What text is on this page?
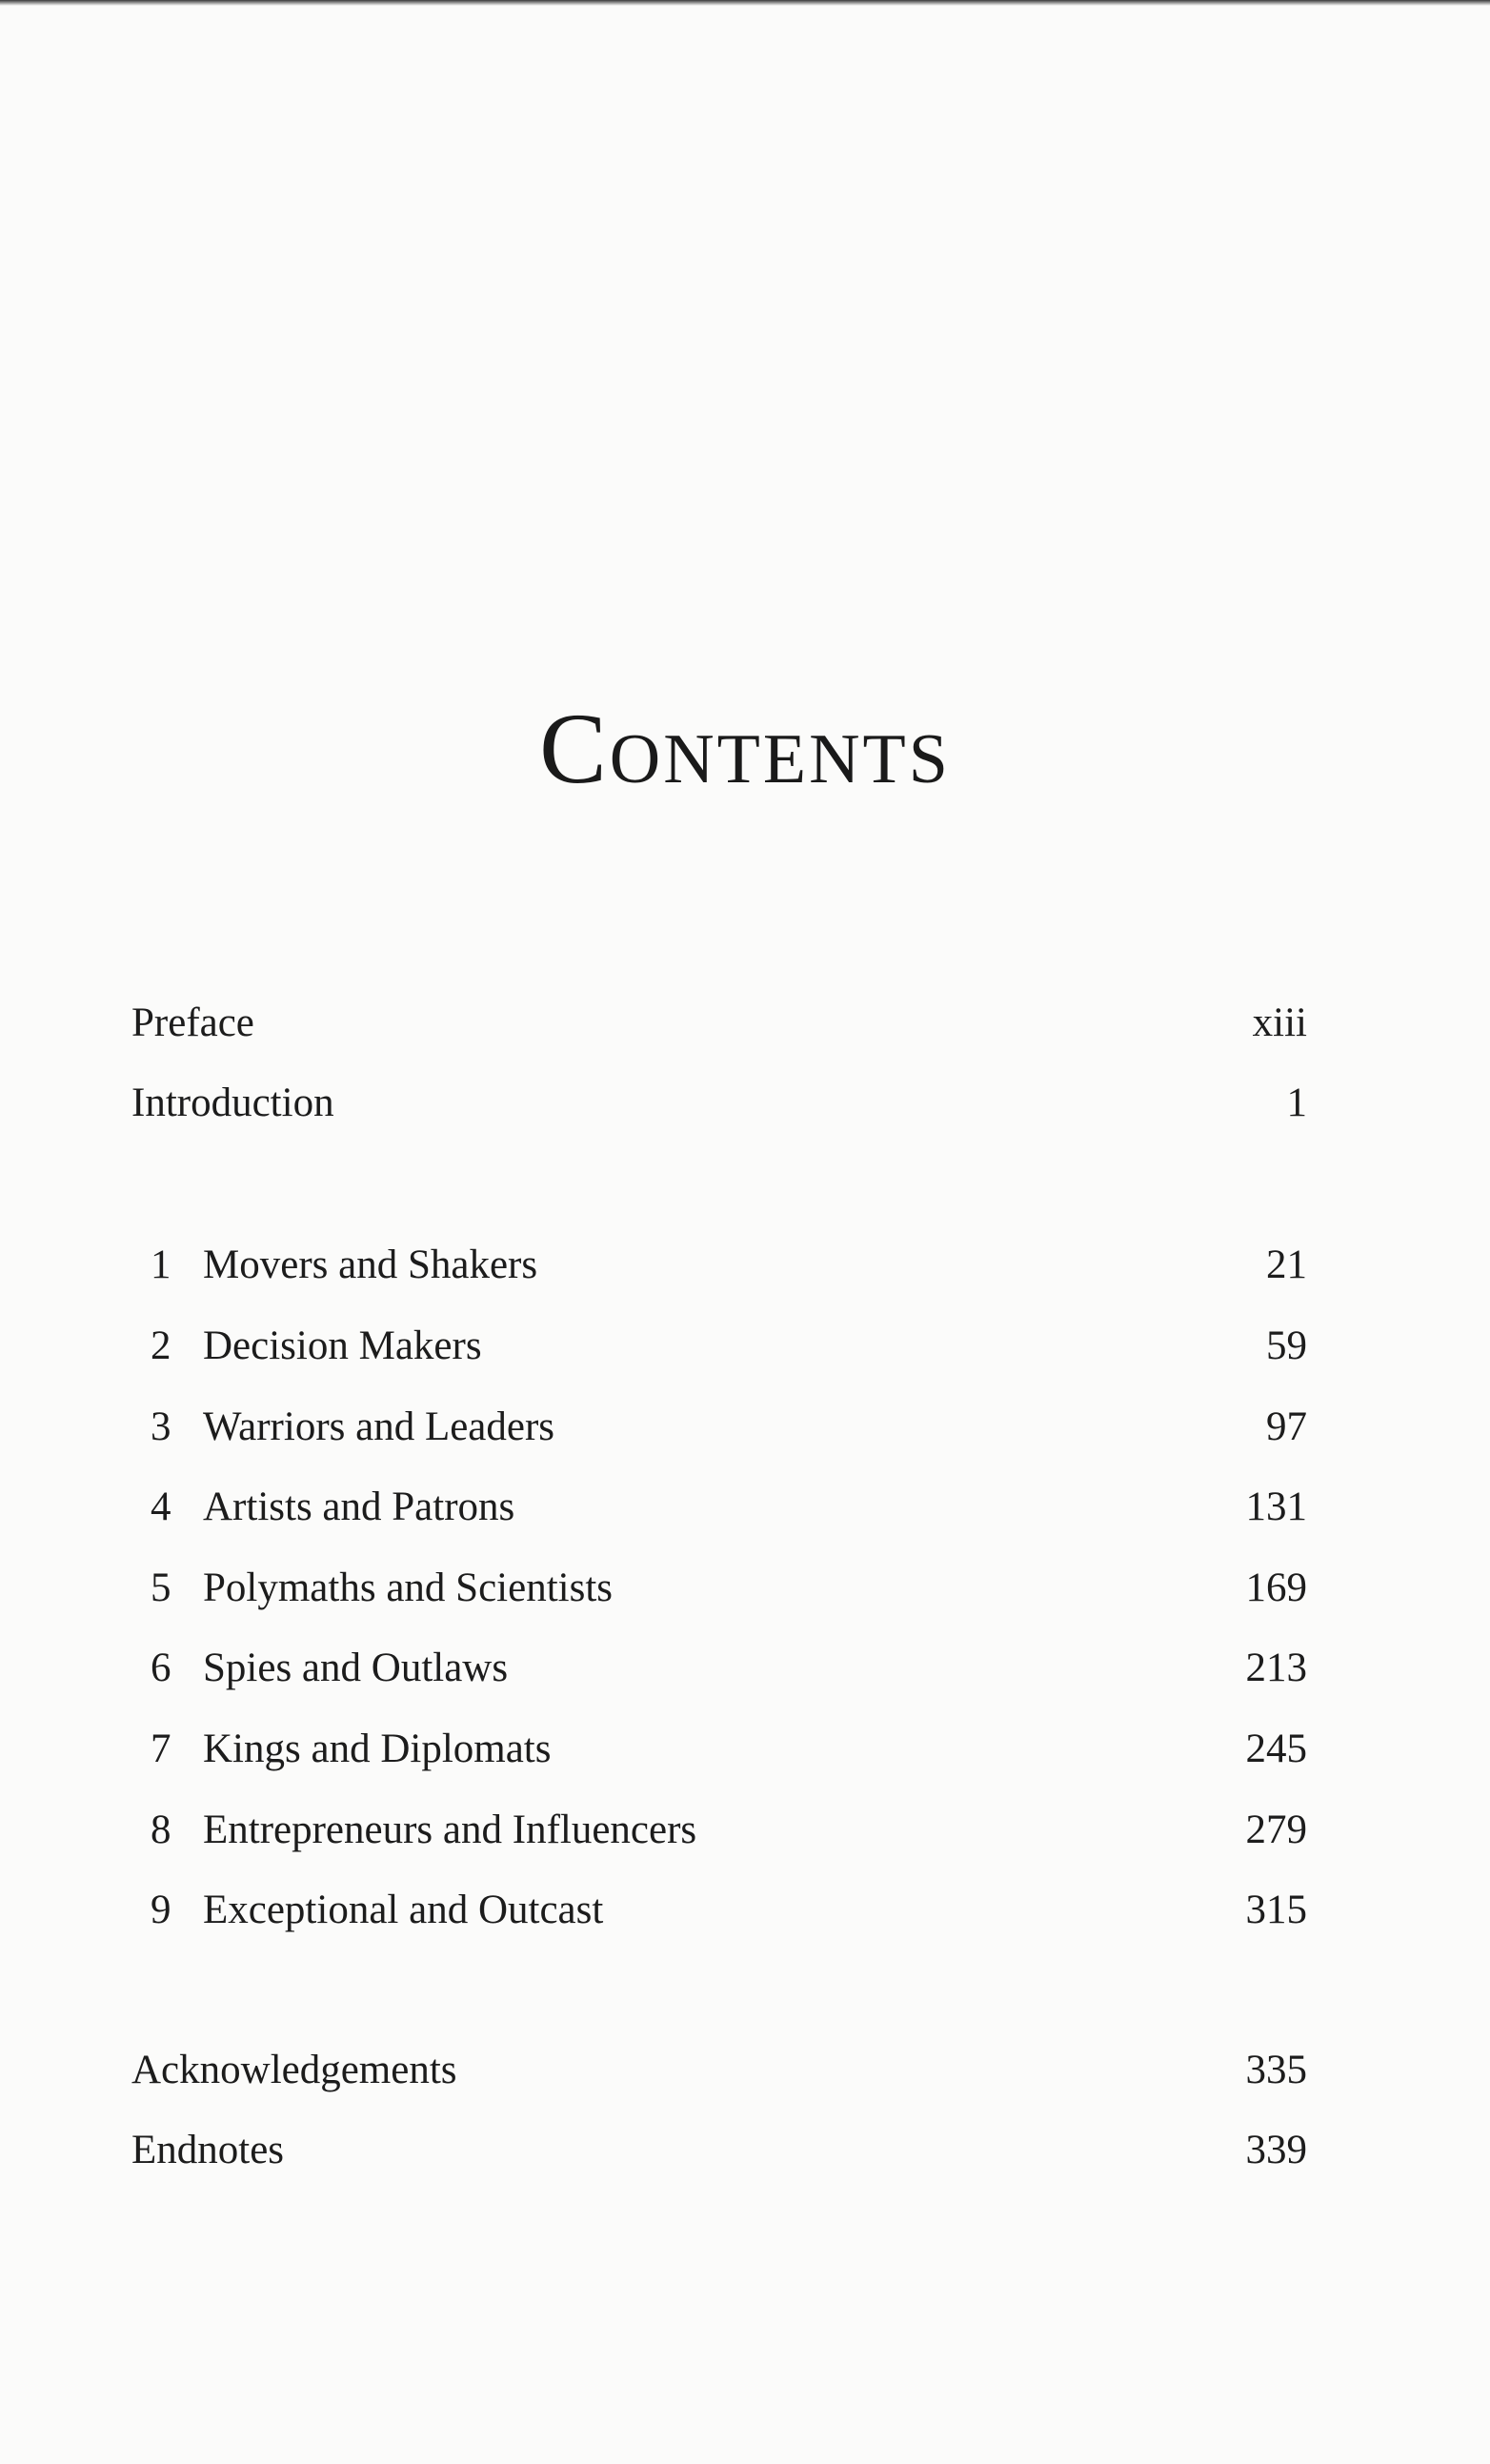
Contents
Preface	xiii
Introduction	1
1 Movers and Shakers	21
2 Decision Makers	59
3 Warriors and Leaders	97
4 Artists and Patrons	131
5 Polymaths and Scientists	169
6 Spies and Outlaws	213
7 Kings and Diplomats	245
8 Entrepreneurs and Influencers	279
9 Exceptional and Outcast	315
Acknowledgements	335
Endnotes	339
